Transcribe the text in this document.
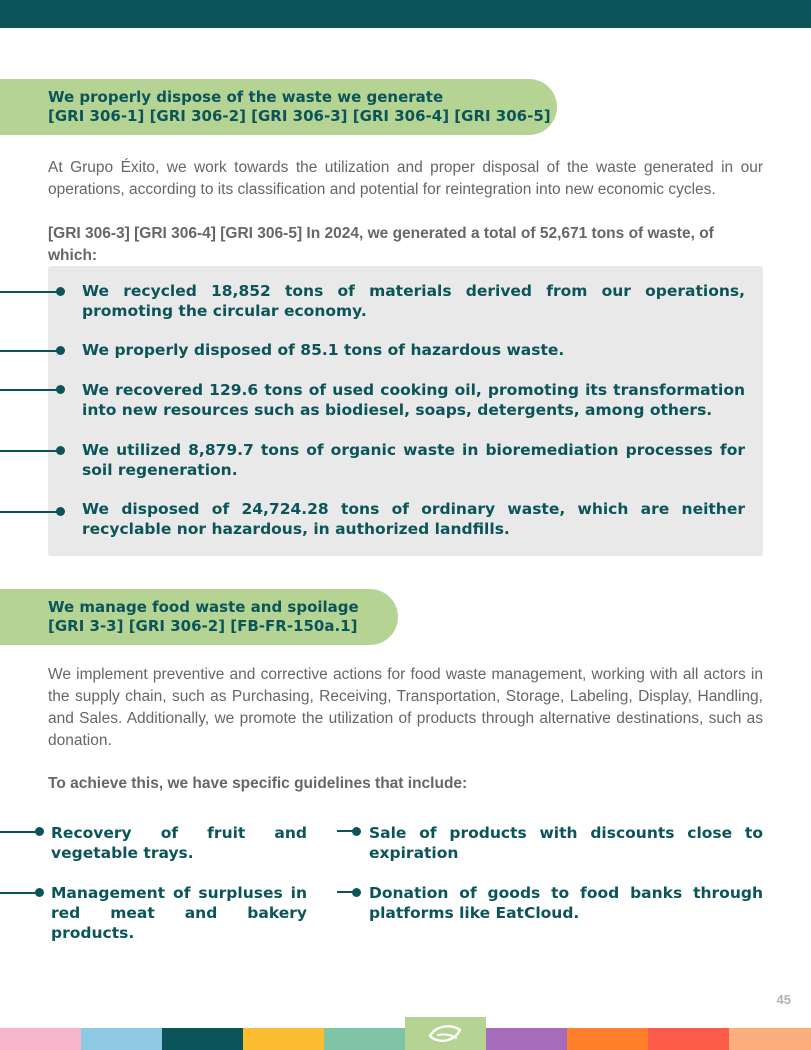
We properly dispose of the waste we generate
[GRI 306-1] [GRI 306-2] [GRI 306-3] [GRI 306-4] [GRI 306-5]

At Grupo Éxito, we work towards the utilization and proper disposal of the waste generated in our operations, according to its classification and potential for reintegration into new economic cycles.

[GRI 306-3] [GRI 306-4] [GRI 306-5] In 2024, we generated a total of 52,671 tons of waste, of which:

We recycled 18,852 tons of materials derived from our operations, promoting the circular economy.
We properly disposed of 85.1 tons of hazardous waste.
We recovered 129.6 tons of used cooking oil, promoting its transformation into new resources such as biodiesel, soaps, detergents, among others.
We utilized 8,879.7 tons of organic waste in bioremediation processes for soil regeneration.
We disposed of 24,724.28 tons of ordinary waste, which are neither recyclable nor hazardous, in authorized landfills.
We manage food waste and spoilage
[GRI 3-3] [GRI 306-2] [FB-FR-150a.1]

We implement preventive and corrective actions for food waste management, working with all actors in the supply chain, such as Purchasing, Receiving, Transportation, Storage, Labeling, Display, Handling, and Sales. Additionally, we promote the utilization of products through alternative destinations, such as donation.

To achieve this, we have specific guidelines that include:

Recovery of fruit and vegetable trays.
Management of surpluses in red meat and bakery products.
Sale of products with discounts close to expiration
Donation of goods to food banks through platforms like EatCloud.
45
